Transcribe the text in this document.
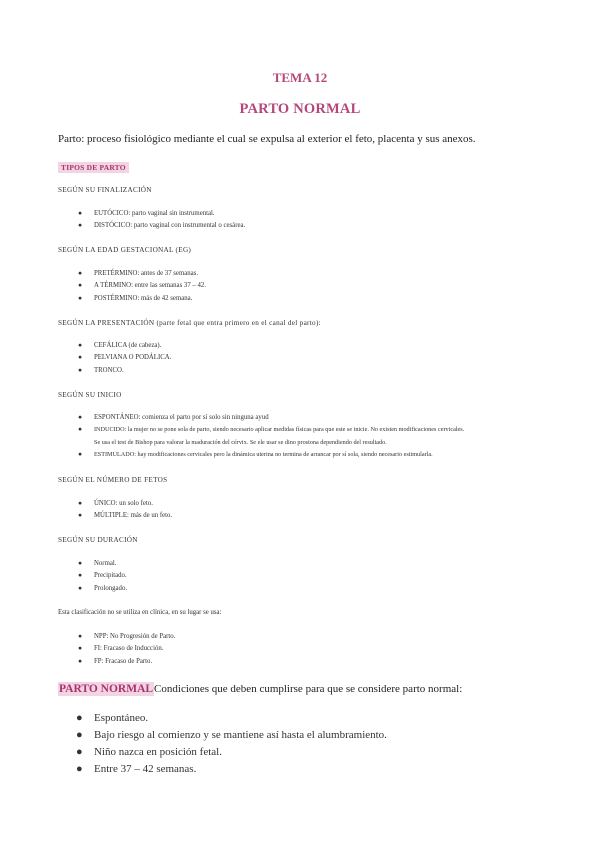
TEMA 12
PARTO NORMAL
Parto: proceso fisiológico mediante el cual se expulsa al exterior el feto, placenta y sus anexos.
TIPOS DE PARTO
SEGÚN SU FINALIZACIÓN
● EUTÓCICO: parto vaginal sin instrumental.
● DISTÓCICO: parto vaginal con instrumental o cesárea.
SEGÚN LA EDAD GESTACIONAL (EG)
● PRETÉRMINO: antes de 37 semanas.
● A TÉRMINO: entre las semanas 37 – 42.
● POSTÉRMINO: más de 42 semana.
SEGÚN LA PRESENTACIÓN (parte fetal que entra primero en el canal del parto):
● CEFÁLICA (de cabeza).
● PELVIANA O PODÁLICA.
● TRONCO.
SEGÚN SU INICIO
● ESPONTÁNEO: comienza el parto por sí solo sin ninguna ayud
● INDUCIDO: la mujer no se pone sola de parto, siendo necesario aplicar medidas físicas para que este se inicie. No existen modificaciones cervicales.
Se usa el test de Bishop para valorar la maduración del cérvix. Se ele usar se dino prostona dependiendo del resultado.
● ESTIMULADO: hay modificaciones cervicales pero la dinámica uterina no termina de arrancar por sí sola, siendo necesario estimularla.
SEGÚN EL NÚMERO DE FETOS
● ÚNICO: un solo feto.
● MÚLTIPLE: más de un feto.
SEGÚN SU DURACIÓN
● Normal.
● Precipitado.
● Prolongado.
Esta clasificación no se utiliza en clínica, en su lugar se usa:
● NPP: No Progresión de Parto.
● FI: Fracaso de Inducción.
● FP: Fracaso de Parto.
PARTO NORMALCondiciones que deben cumplirse para que se considere parto normal:
● Espontáneo.
● Bajo riesgo al comienzo y se mantiene así hasta el alumbramiento.
● Niño nazca en posición fetal.
● Entre 37 – 42 semanas.
